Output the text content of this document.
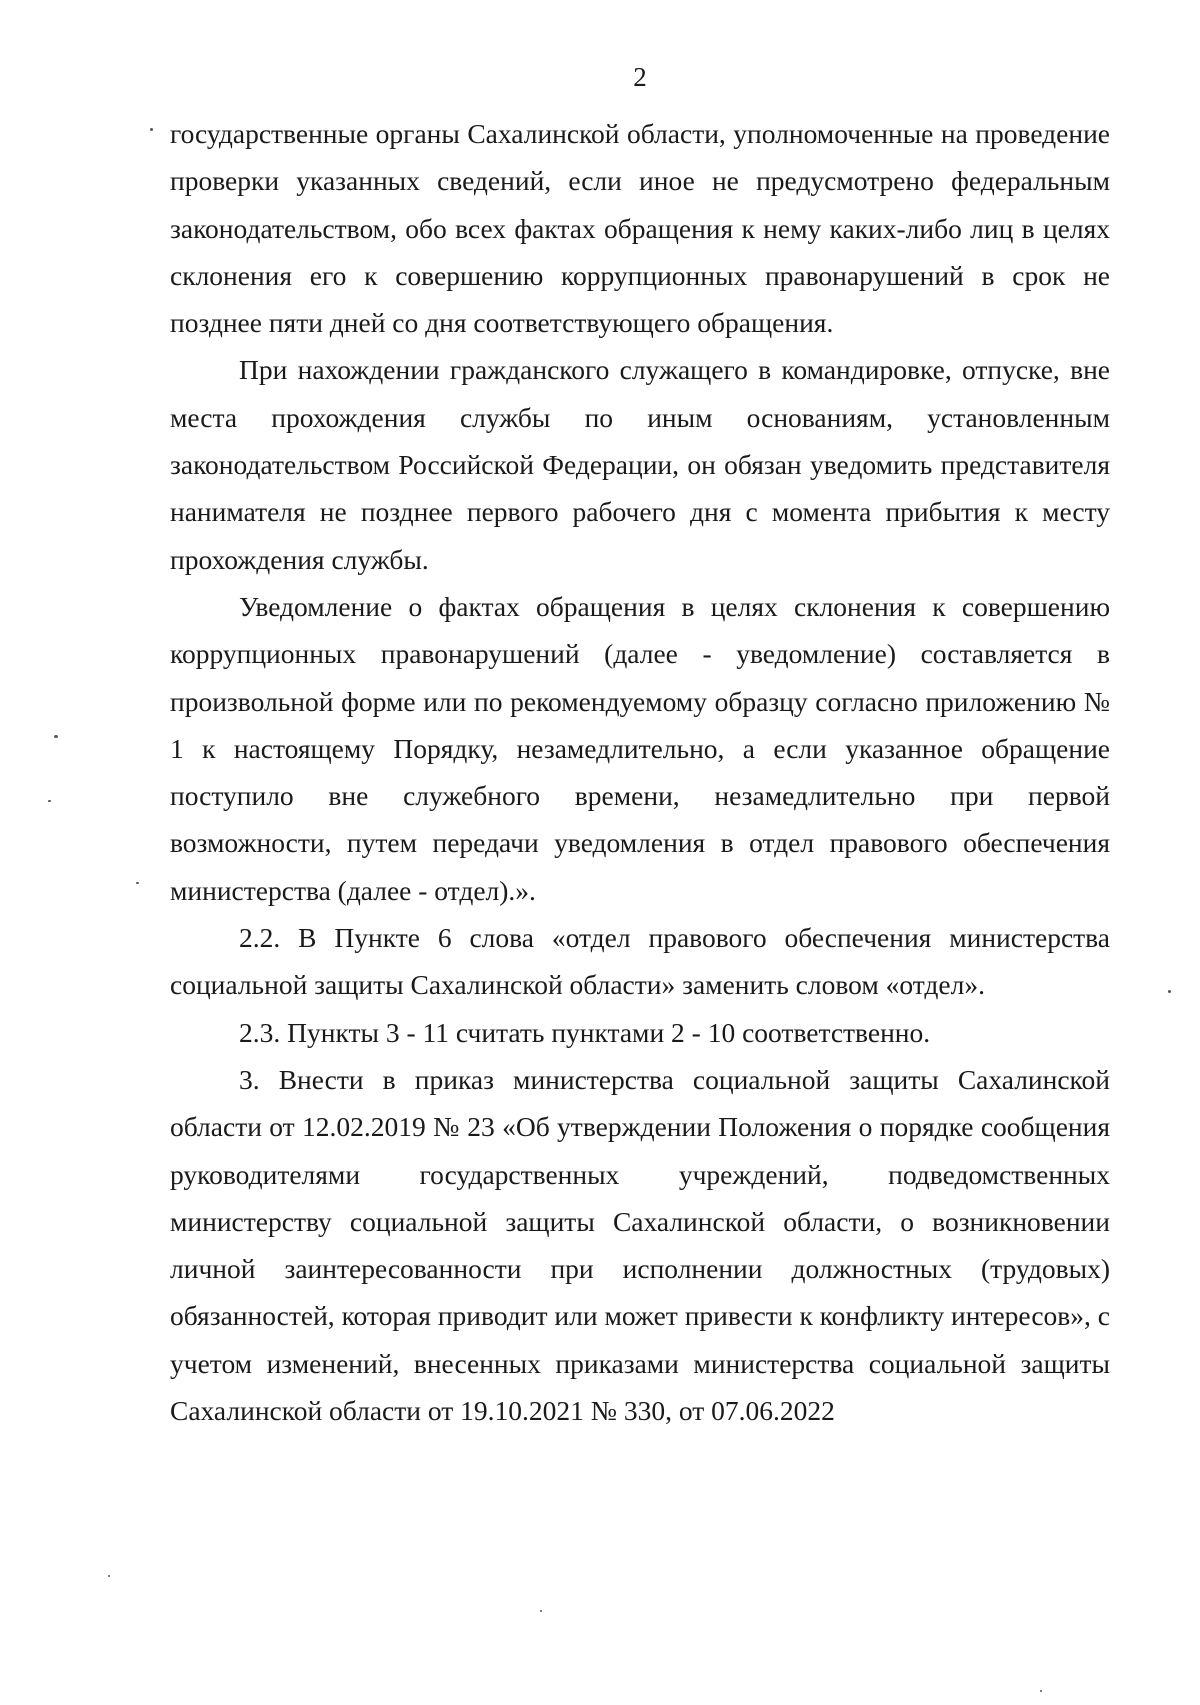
2

государственные органы Сахалинской области, уполномоченные на проведение проверки указанных сведений, если иное не предусмотрено федеральным законодательством, обо всех фактах обращения к нему каких-либо лиц в целях склонения его к совершению коррупционных правонарушений в срок не позднее пяти дней со дня соответствующего обращения.

При нахождении гражданского служащего в командировке, отпуске, вне места прохождения службы по иным основаниям, установленным законодательством Российской Федерации, он обязан уведомить представителя нанимателя не позднее первого рабочего дня с момента прибытия к месту прохождения службы.

Уведомление о фактах обращения в целях склонения к совершению коррупционных правонарушений (далее - уведомление) составляется в произвольной форме или по рекомендуемому образцу согласно приложению № 1 к настоящему Порядку, незамедлительно, а если указанное обращение поступило вне служебного времени, незамедлительно при первой возможности, путем передачи уведомления в отдел правового обеспечения министерства (далее - отдел).».

2.2. В Пункте 6 слова «отдел правового обеспечения министерства социальной защиты Сахалинской области» заменить словом «отдел».

2.3. Пункты 3 - 11 считать пунктами 2 - 10 соответственно.

3. Внести в приказ министерства социальной защиты Сахалинской области от 12.02.2019 № 23 «Об утверждении Положения о порядке сообщения руководителями государственных учреждений, подведомственных министерству социальной защиты Сахалинской области, о возникновении личной заинтересованности при исполнении должностных (трудовых) обязанностей, которая приводит или может привести к конфликту интересов», с учетом изменений, внесенных приказами министерства социальной защиты Сахалинской области от 19.10.2021 № 330, от 07.06.2022
